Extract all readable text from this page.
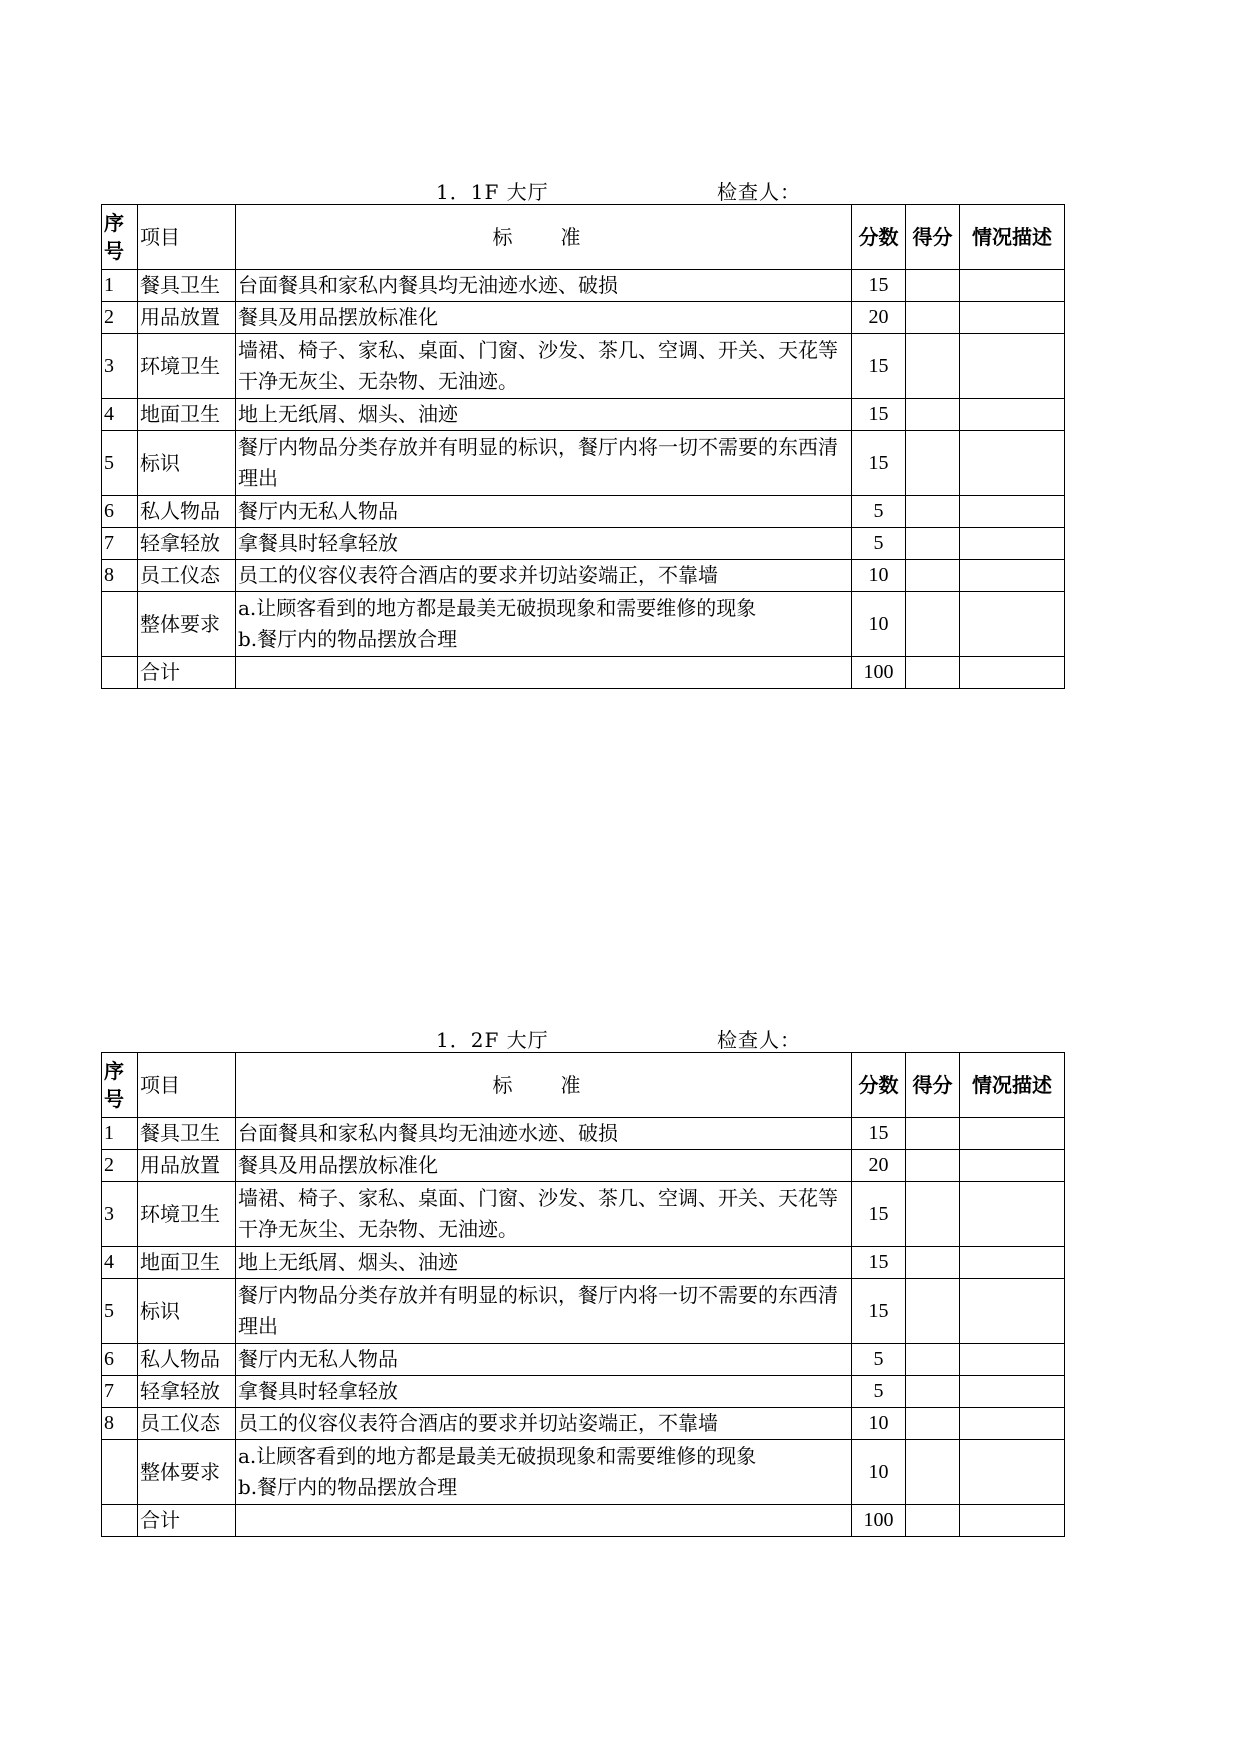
1．1F 大厅	检查人：
序号	项目	标　准	分数	得分	情况描述
1	餐具卫生	台面餐具和家私内餐具均无油迹水迹、破损	15		
2	用品放置	餐具及用品摆放标准化	20		
3	环境卫生	墙裙、椅子、家私、桌面、门窗、沙发、茶几、空调、开关、天花等干净无灰尘、无杂物、无油迹。	15		
4	地面卫生	地上无纸屑、烟头、油迹	15		
5	标识	餐厅内物品分类存放并有明显的标识，餐厅内将一切不需要的东西清理出	15		
6	私人物品	餐厅内无私人物品	5		
7	轻拿轻放	拿餐具时轻拿轻放	5		
8	员工仪态	员工的仪容仪表符合酒店的要求并切站姿端正，不靠墙	10		
	整体要求	a.让顾客看到的地方都是最美无破损现象和需要维修的现象
b.餐厅内的物品摆放合理	10		
	合计		100		
1．2F 大厅	检查人：
序号	项目	标　准	分数	得分	情况描述
1	餐具卫生	台面餐具和家私内餐具均无油迹水迹、破损	15		
2	用品放置	餐具及用品摆放标准化	20		
3	环境卫生	墙裙、椅子、家私、桌面、门窗、沙发、茶几、空调、开关、天花等干净无灰尘、无杂物、无油迹。	15		
4	地面卫生	地上无纸屑、烟头、油迹	15		
5	标识	餐厅内物品分类存放并有明显的标识，餐厅内将一切不需要的东西清理出	15		
6	私人物品	餐厅内无私人物品	5		
7	轻拿轻放	拿餐具时轻拿轻放	5		
8	员工仪态	员工的仪容仪表符合酒店的要求并切站姿端正，不靠墙	10		
	整体要求	a.让顾客看到的地方都是最美无破损现象和需要维修的现象
b.餐厅内的物品摆放合理	10		
	合计		100		
